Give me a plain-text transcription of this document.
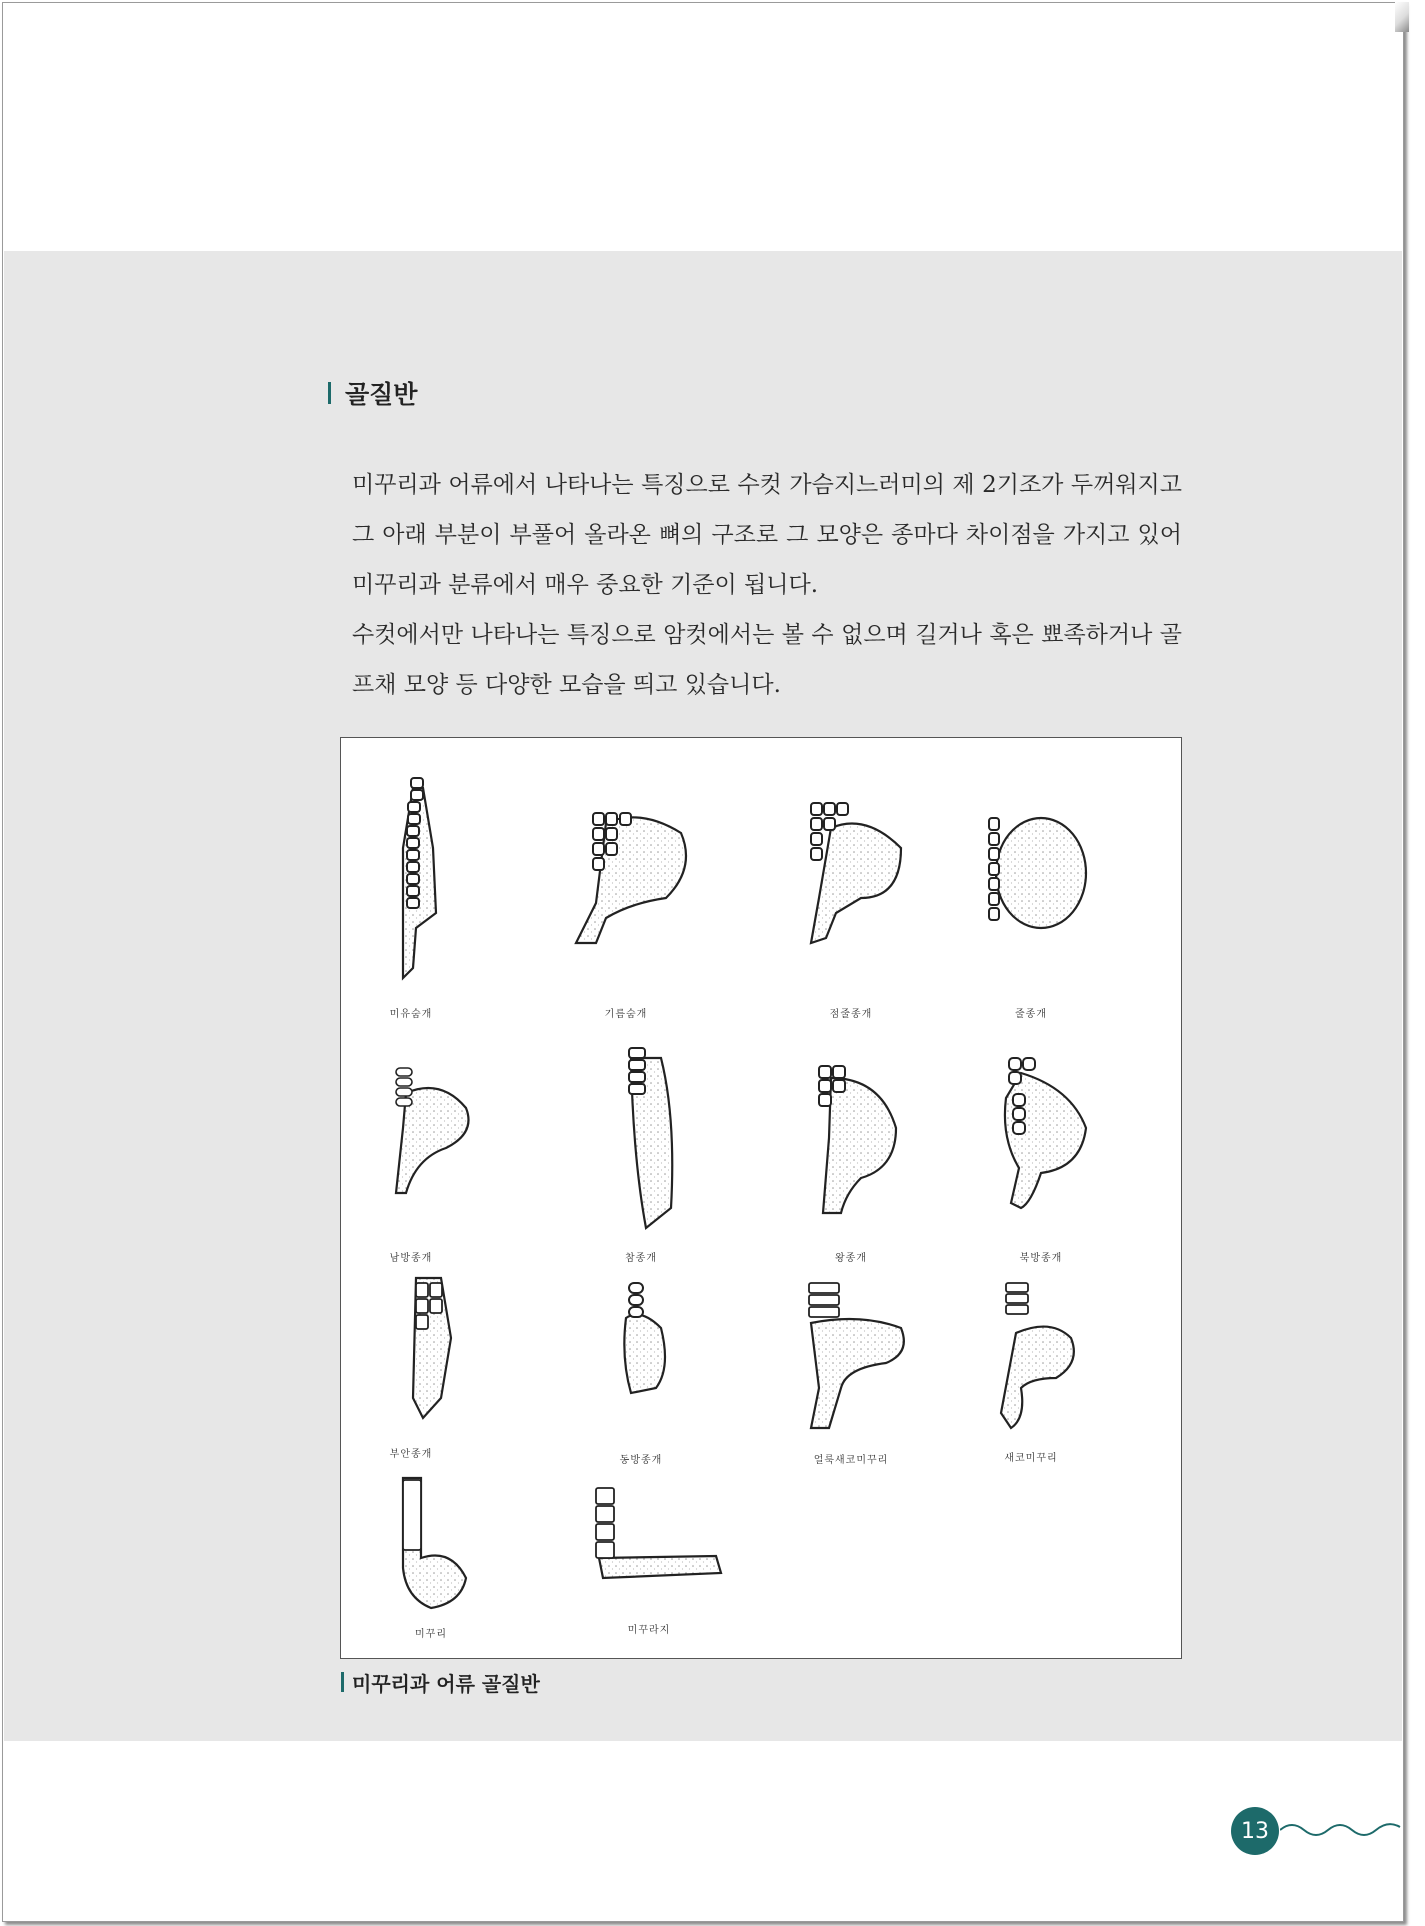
골질반

미꾸리과 어류에서 나타나는 특징으로 수컷 가슴지느러미의 제 2기조가 두꺼워지고 그 아래 부분이 부풀어 올라온 뼈의 구조로 그 모양은 종마다 차이점을 가지고 있어 미꾸리과 분류에서 매우 중요한 기준이 됩니다.

수컷에서만 나타나는 특징으로 암컷에서는 볼 수 없으며 길거나 혹은 뾰족하거나 골프채 모양 등 다양한 모습을 띄고 있습니다.

미유숨개	기름숨개	점줄종개	줄종개
남방종개	참종개	왕종개	북방종개
부안종개
동방종개	얼룩새코미꾸리	새코미꾸리
미꾸리	미꾸라지
미꾸리과 어류 골질반
13
